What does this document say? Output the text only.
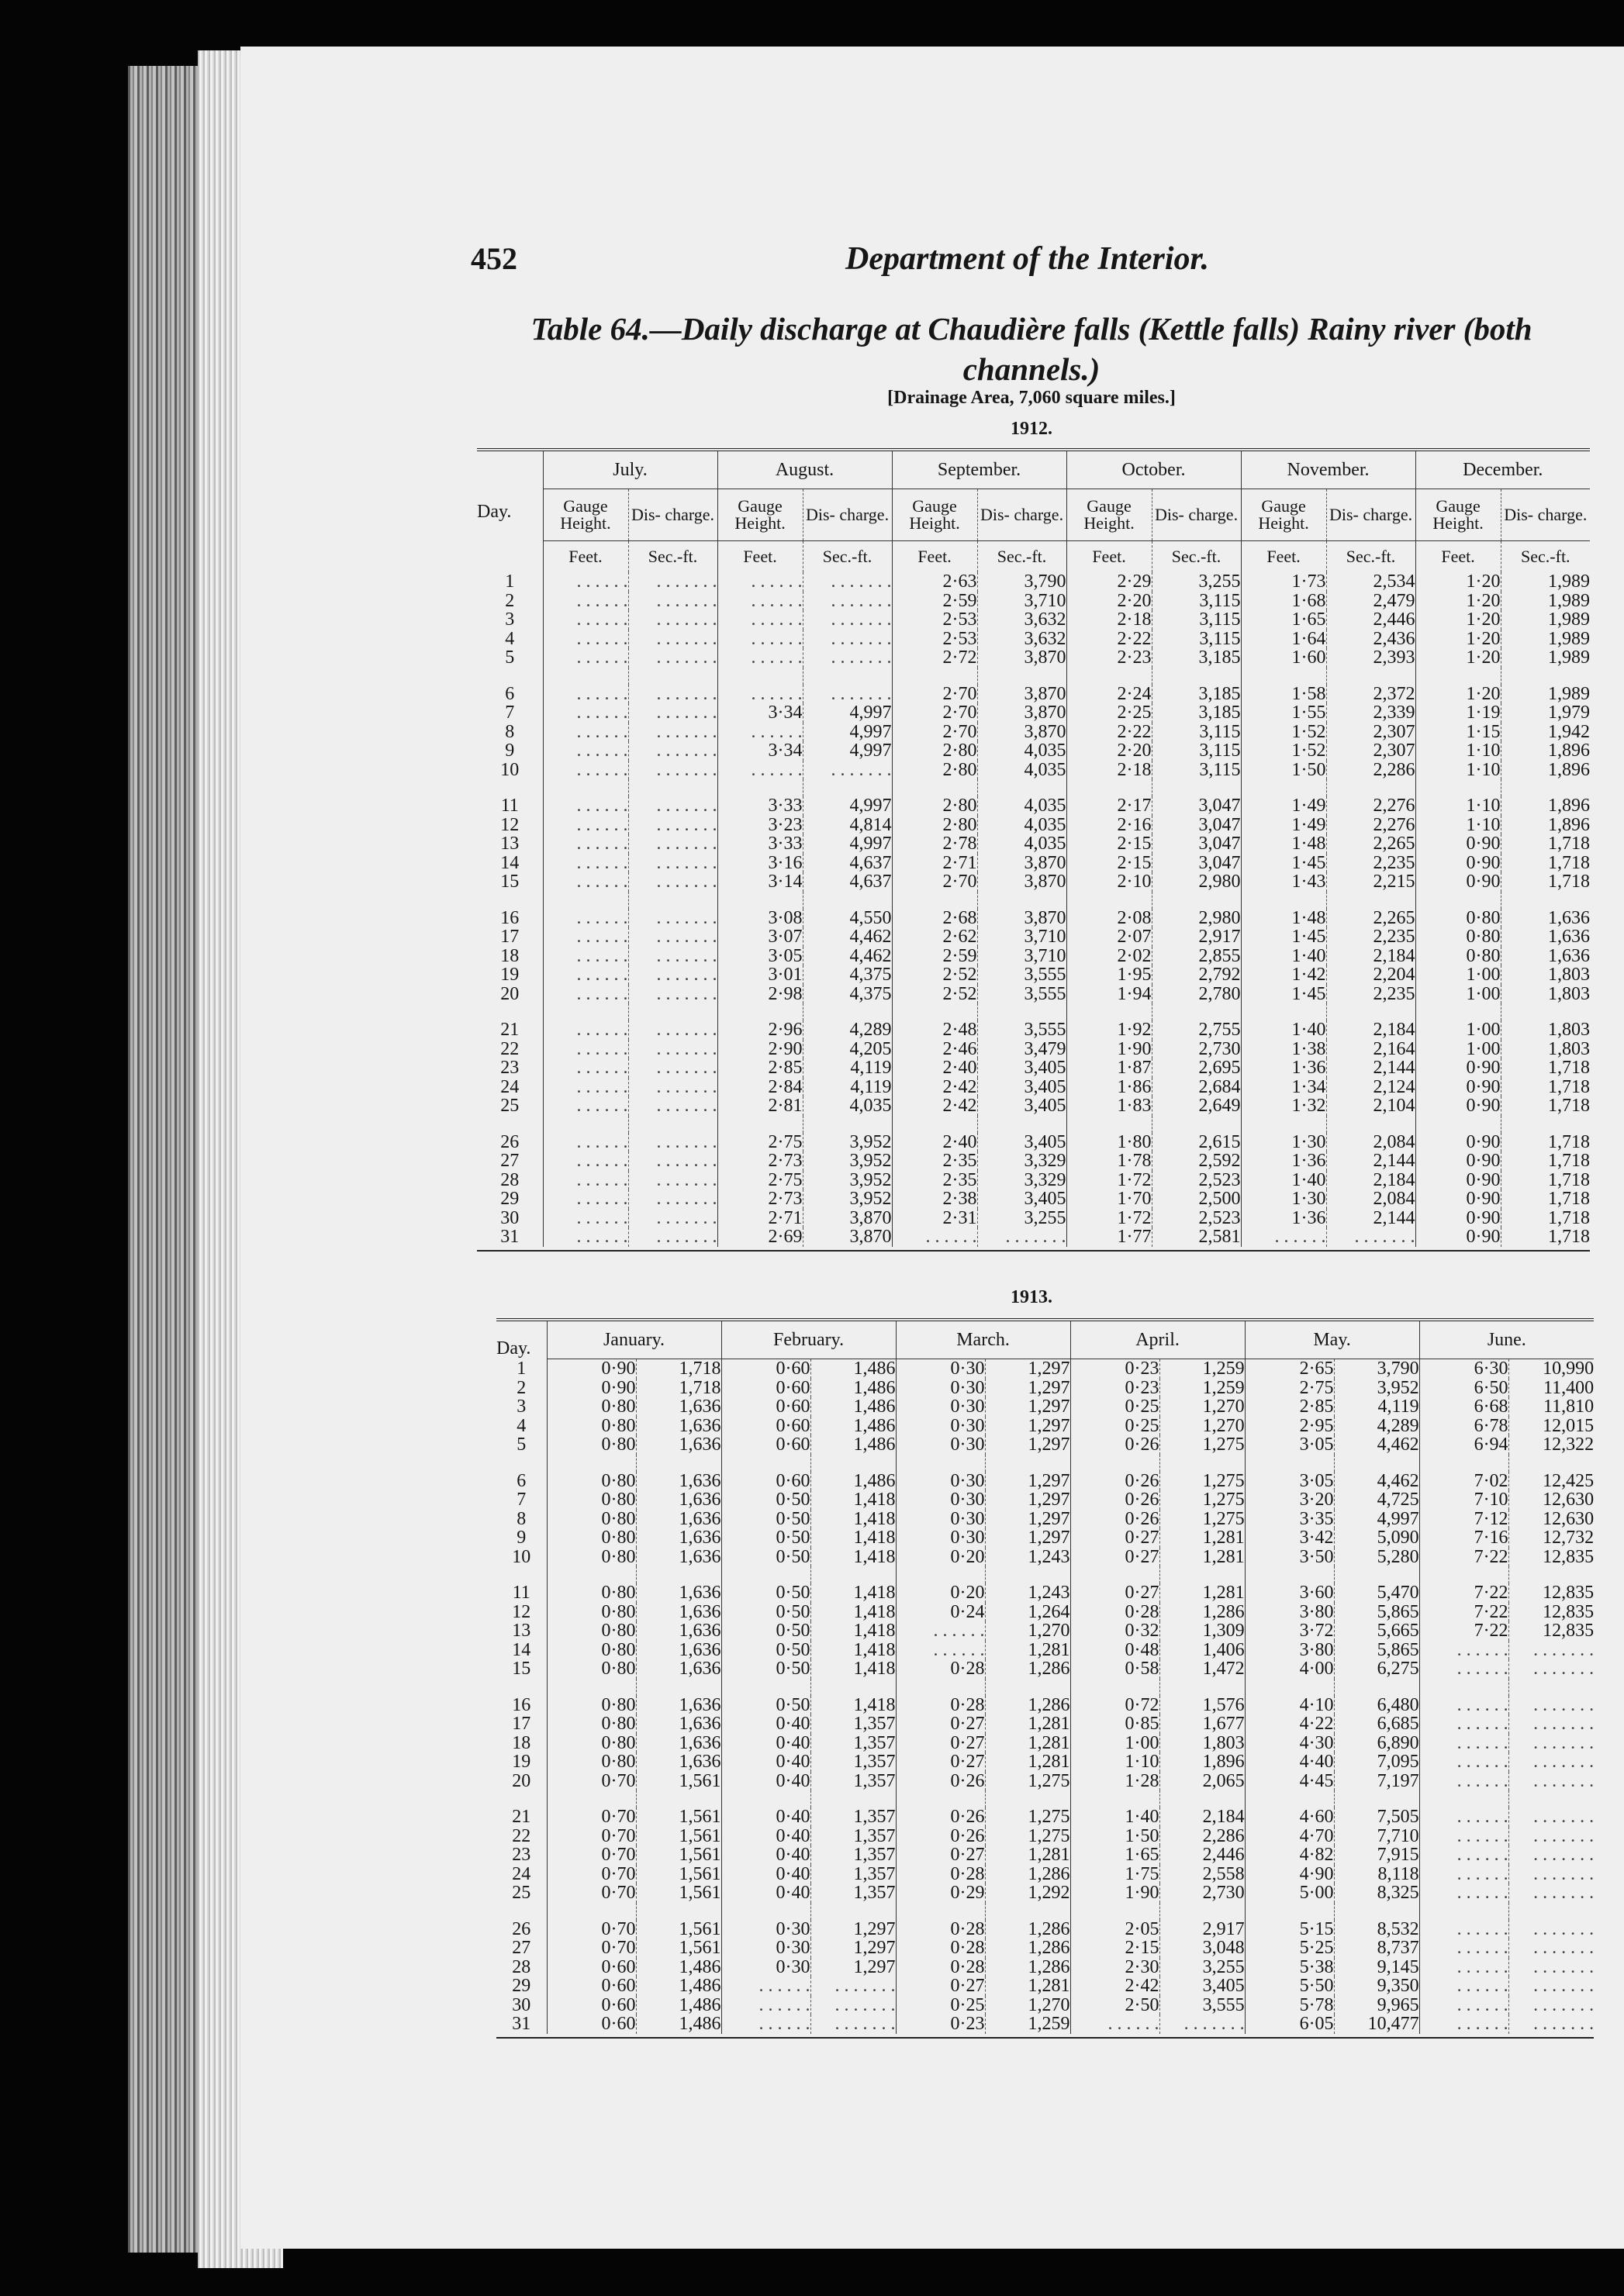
452	Department of the Interior.
Table 64.—Daily discharge at Chaudière falls (Kettle falls) Rainy river (both channels.)
[Drainage Area, 7,060 square miles.]
1912.
Day.	July.		August.		September.		October.		November.		December.	
	Gauge Height.	Dis- charge.	Gauge Height.	Dis- charge.	Gauge Height.	Dis- charge.	Gauge Height.	Dis- charge.	Gauge Height.	Dis- charge.	Gauge Height.	Dis- charge.
	Feet.	Sec.-ft.	Feet.	Sec.-ft.	Feet.	Sec.-ft.	Feet.	Sec.-ft.	Feet.	Sec.-ft.	Feet.	Sec.-ft.
1	. . . . . .	. . . . . . .	. . . . . .	. . . . . . .	2·63	3,790	2·29	3,255	1·73	2,534	1·20	1,989
2	. . . . . .	. . . . . . .	. . . . . .	. . . . . . .	2·59	3,710	2·20	3,115	1·68	2,479	1·20	1,989
3	. . . . . .	. . . . . . .	. . . . . .	. . . . . . .	2·53	3,632	2·18	3,115	1·65	2,446	1·20	1,989
4	. . . . . .	. . . . . . .	. . . . . .	. . . . . . .	2·53	3,632	2·22	3,115	1·64	2,436	1·20	1,989
5	. . . . . .	. . . . . . .	. . . . . .	. . . . . . .	2·72	3,870	2·23	3,185	1·60	2,393	1·20	1,989

6	. . . . . .	. . . . . . .	. . . . . .	. . . . . . .	2·70	3,870	2·24	3,185	1·58	2,372	1·20	1,989
7	. . . . . .	. . . . . . .	3·34	4,997	2·70	3,870	2·25	3,185	1·55	2,339	1·19	1,979
8	. . . . . .	. . . . . . .	. . . . . .	4,997	2·70	3,870	2·22	3,115	1·52	2,307	1·15	1,942
9	. . . . . .	. . . . . . .	3·34	4,997	2·80	4,035	2·20	3,115	1·52	2,307	1·10	1,896
10	. . . . . .	. . . . . . .	. . . . . .	. . . . . . .	2·80	4,035	2·18	3,115	1·50	2,286	1·10	1,896

11	. . . . . .	. . . . . . .	3·33	4,997	2·80	4,035	2·17	3,047	1·49	2,276	1·10	1,896
12	. . . . . .	. . . . . . .	3·23	4,814	2·80	4,035	2·16	3,047	1·49	2,276	1·10	1,896
13	. . . . . .	. . . . . . .	3·33	4,997	2·78	4,035	2·15	3,047	1·48	2,265	0·90	1,718
14	. . . . . .	. . . . . . .	3·16	4,637	2·71	3,870	2·15	3,047	1·45	2,235	0·90	1,718
15	. . . . . .	. . . . . . .	3·14	4,637	2·70	3,870	2·10	2,980	1·43	2,215	0·90	1,718

16	. . . . . .	. . . . . . .	3·08	4,550	2·68	3,870	2·08	2,980	1·48	2,265	0·80	1,636
17	. . . . . .	. . . . . . .	3·07	4,462	2·62	3,710	2·07	2,917	1·45	2,235	0·80	1,636
18	. . . . . .	. . . . . . .	3·05	4,462	2·59	3,710	2·02	2,855	1·40	2,184	0·80	1,636
19	. . . . . .	. . . . . . .	3·01	4,375	2·52	3,555	1·95	2,792	1·42	2,204	1·00	1,803
20	. . . . . .	. . . . . . .	2·98	4,375	2·52	3,555	1·94	2,780	1·45	2,235	1·00	1,803

21	. . . . . .	. . . . . . .	2·96	4,289	2·48	3,555	1·92	2,755	1·40	2,184	1·00	1,803
22	. . . . . .	. . . . . . .	2·90	4,205	2·46	3,479	1·90	2,730	1·38	2,164	1·00	1,803
23	. . . . . .	. . . . . . .	2·85	4,119	2·40	3,405	1·87	2,695	1·36	2,144	0·90	1,718
24	. . . . . .	. . . . . . .	2·84	4,119	2·42	3,405	1·86	2,684	1·34	2,124	0·90	1,718
25	. . . . . .	. . . . . . .	2·81	4,035	2·42	3,405	1·83	2,649	1·32	2,104	0·90	1,718

26	. . . . . .	. . . . . . .	2·75	3,952	2·40	3,405	1·80	2,615	1·30	2,084	0·90	1,718
27	. . . . . .	. . . . . . .	2·73	3,952	2·35	3,329	1·78	2,592	1·36	2,144	0·90	1,718
28	. . . . . .	. . . . . . .	2·75	3,952	2·35	3,329	1·72	2,523	1·40	2,184	0·90	1,718
29	. . . . . .	. . . . . . .	2·73	3,952	2·38	3,405	1·70	2,500	1·30	2,084	0·90	1,718
30	. . . . . .	. . . . . . .	2·71	3,870	2·31	3,255	1·72	2,523	1·36	2,144	0·90	1,718
31	. . . . . .	. . . . . . .	2·69	3,870	. . . . . .	. . . . . . .	1·77	2,581	. . . . . .	. . . . . . .	0·90	1,718

1913.
Day.	January.		February.		March.		April.		May.		June.	
1	0·90	1,718	0·60	1,486	0·30	1,297	0·23	1,259	2·65	3,790	6·30	10,990
2	0·90	1,718	0·60	1,486	0·30	1,297	0·23	1,259	2·75	3,952	6·50	11,400
3	0·80	1,636	0·60	1,486	0·30	1,297	0·25	1,270	2·85	4,119	6·68	11,810
4	0·80	1,636	0·60	1,486	0·30	1,297	0·25	1,270	2·95	4,289	6·78	12,015
5	0·80	1,636	0·60	1,486	0·30	1,297	0·26	1,275	3·05	4,462	6·94	12,322

6	0·80	1,636	0·60	1,486	0·30	1,297	0·26	1,275	3·05	4,462	7·02	12,425
7	0·80	1,636	0·50	1,418	0·30	1,297	0·26	1,275	3·20	4,725	7·10	12,630
8	0·80	1,636	0·50	1,418	0·30	1,297	0·26	1,275	3·35	4,997	7·12	12,630
9	0·80	1,636	0·50	1,418	0·30	1,297	0·27	1,281	3·42	5,090	7·16	12,732
10	0·80	1,636	0·50	1,418	0·20	1,243	0·27	1,281	3·50	5,280	7·22	12,835

11	0·80	1,636	0·50	1,418	0·20	1,243	0·27	1,281	3·60	5,470	7·22	12,835
12	0·80	1,636	0·50	1,418	0·24	1,264	0·28	1,286	3·80	5,865	7·22	12,835
13	0·80	1,636	0·50	1,418	. . . . . .	1,270	0·32	1,309	3·72	5,665	7·22	12,835
14	0·80	1,636	0·50	1,418	. . . . . .	1,281	0·48	1,406	3·80	5,865	. . . . . .	. . . . . . .
15	0·80	1,636	0·50	1,418	0·28	1,286	0·58	1,472	4·00	6,275	. . . . . .	. . . . . . .

16	0·80	1,636	0·50	1,418	0·28	1,286	0·72	1,576	4·10	6,480	. . . . . .	. . . . . . .
17	0·80	1,636	0·40	1,357	0·27	1,281	0·85	1,677	4·22	6,685	. . . . . .	. . . . . . .
18	0·80	1,636	0·40	1,357	0·27	1,281	1·00	1,803	4·30	6,890	. . . . . .	. . . . . . .
19	0·80	1,636	0·40	1,357	0·27	1,281	1·10	1,896	4·40	7,095	. . . . . .	. . . . . . .
20	0·70	1,561	0·40	1,357	0·26	1,275	1·28	2,065	4·45	7,197	. . . . . .	. . . . . . .

21	0·70	1,561	0·40	1,357	0·26	1,275	1·40	2,184	4·60	7,505	. . . . . .	. . . . . . .
22	0·70	1,561	0·40	1,357	0·26	1,275	1·50	2,286	4·70	7,710	. . . . . .	. . . . . . .
23	0·70	1,561	0·40	1,357	0·27	1,281	1·65	2,446	4·82	7,915	. . . . . .	. . . . . . .
24	0·70	1,561	0·40	1,357	0·28	1,286	1·75	2,558	4·90	8,118	. . . . . .	. . . . . . .
25	0·70	1,561	0·40	1,357	0·29	1,292	1·90	2,730	5·00	8,325	. . . . . .	. . . . . . .

26	0·70	1,561	0·30	1,297	0·28	1,286	2·05	2,917	5·15	8,532	. . . . . .	. . . . . . .
27	0·70	1,561	0·30	1,297	0·28	1,286	2·15	3,048	5·25	8,737	. . . . . .	. . . . . . .
28	0·60	1,486	0·30	1,297	0·28	1,286	2·30	3,255	5·38	9,145	. . . . . .	. . . . . . .
29	0·60	1,486	. . . . . .	. . . . . . .	0·27	1,281	2·42	3,405	5·50	9,350	. . . . . .	. . . . . . .
30	0·60	1,486	. . . . . .	. . . . . . .	0·25	1,270	2·50	3,555	5·78	9,965	. . . . . .	. . . . . . .
31	0·60	1,486	. . . . . .	. . . . . . .	0·23	1,259	. . . . . .	. . . . . . .	6·05	10,477	. . . . . .	. . . . . . .
